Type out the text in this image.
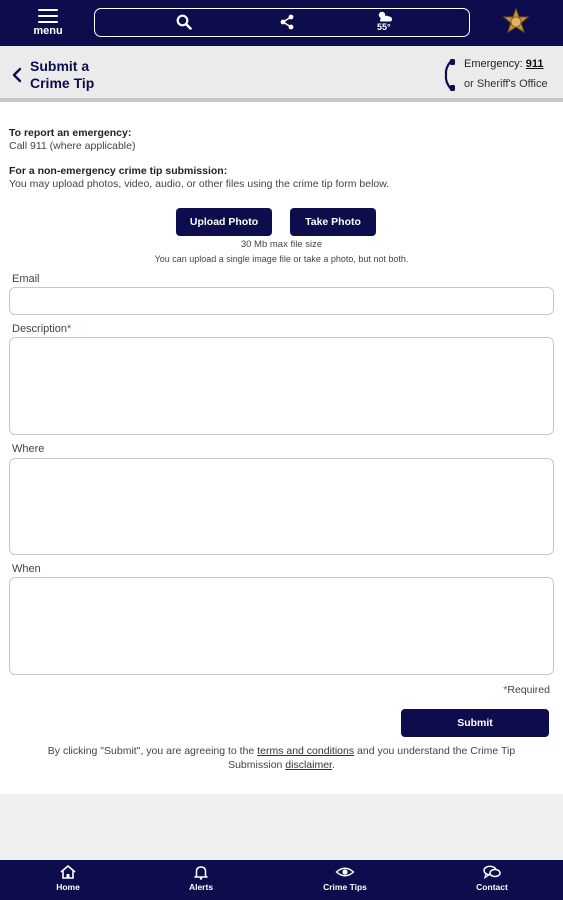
menu	55°
Submit a
Crime Tip
Emergency: 911
or Sheriff's Office
To report an emergency:
Call 911 (where applicable)
For a non-emergency crime tip submission:
You may upload photos, video, audio, or other files using the crime tip form below.
Upload Photo	Take Photo
30 Mb max file size
You can upload a single image file or take a photo, but not both.
Email
Description*
Where
When
*Required
Submit
By clicking "Submit", you are agreeing to the terms and conditions and you understand the Crime Tip
Submission disclaimer.
Home	Alerts	Crime Tips	Contact
